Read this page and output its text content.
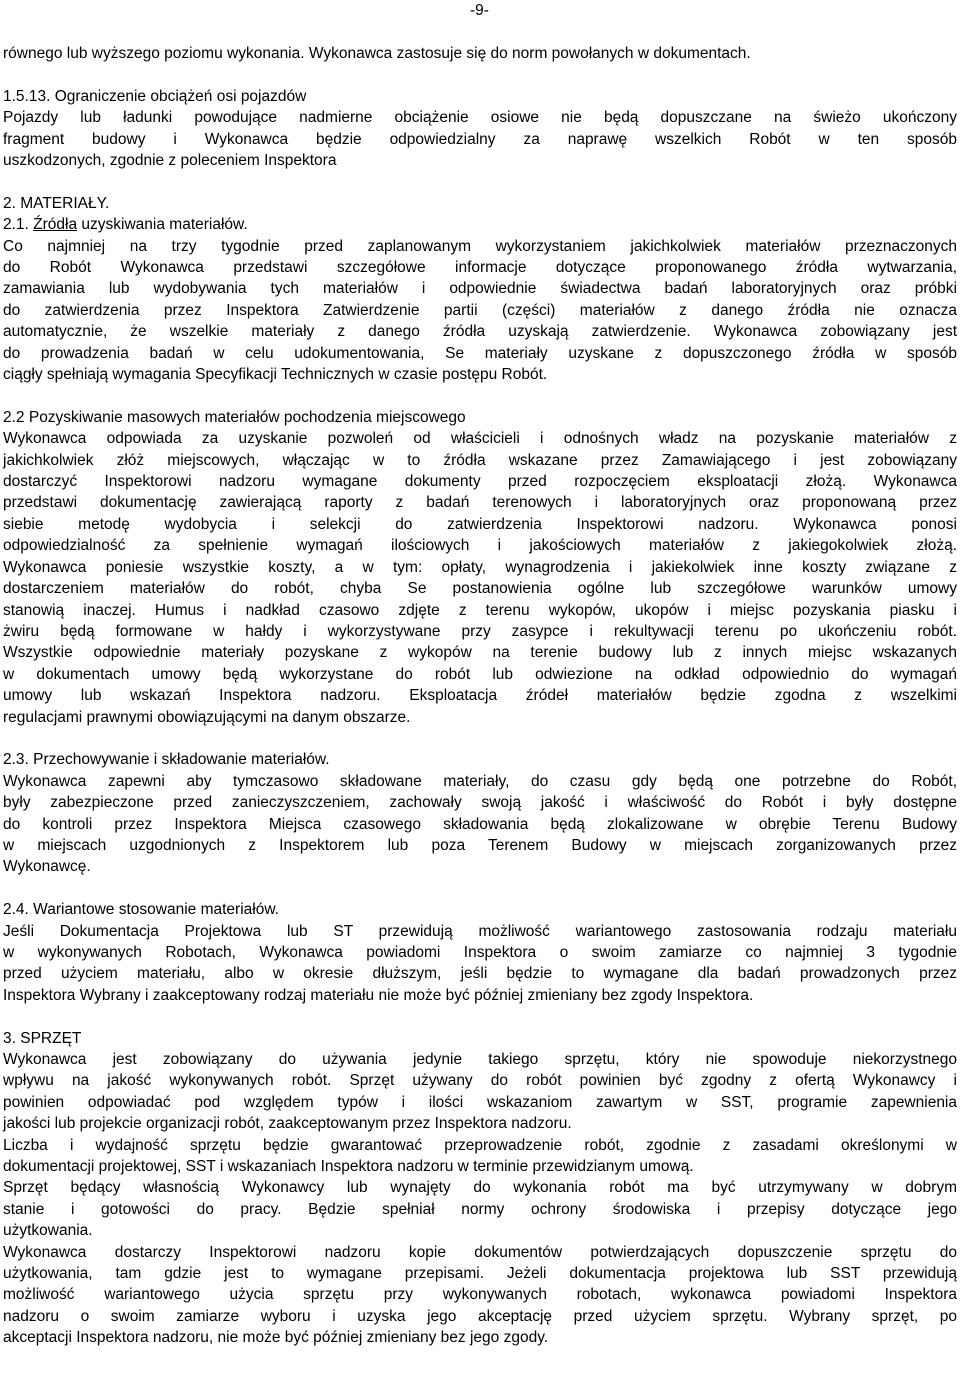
-9-
równego lub wyższego poziomu wykonania. Wykonawca zastosuje się do norm powołanych w dokumentach.
1.5.13. Ograniczenie obciążeń osi pojazdów
Pojazdy lub ładunki powodujące nadmierne obciążenie osiowe nie będą dopuszczane na świeżo ukończony
fragment budowy i Wykonawca będzie odpowiedzialny za naprawę wszelkich Robót w ten sposób
uszkodzonych, zgodnie z poleceniem Inspektora
2. MATERIAŁY.
2.1. Źródła uzyskiwania materiałów.
Co najmniej na trzy tygodnie przed zaplanowanym wykorzystaniem jakichkolwiek materiałów przeznaczonych
do Robót Wykonawca przedstawi szczegółowe informacje dotyczące proponowanego źródła wytwarzania,
zamawiania lub wydobywania tych materiałów i odpowiednie świadectwa badań laboratoryjnych oraz próbki
do zatwierdzenia przez Inspektora Zatwierdzenie partii (części) materiałów z danego źródła nie oznacza
automatycznie, że wszelkie materiały z danego źródła uzyskają zatwierdzenie. Wykonawca zobowiązany jest
do prowadzenia badań w celu udokumentowania, Se materiały uzyskane z dopuszczonego źródła w sposób
ciągły spełniają wymagania Specyfikacji Technicznych w czasie postępu Robót.
2.2 Pozyskiwanie masowych materiałów pochodzenia miejscowego
Wykonawca odpowiada za uzyskanie pozwoleń od właścicieli i odnośnych władz na pozyskanie materiałów z
jakichkolwiek złóż miejscowych, włączając w to źródła wskazane przez Zamawiającego i jest zobowiązany
dostarczyć Inspektorowi nadzoru wymagane dokumenty przed rozpoczęciem eksploatacji złożą. Wykonawca
przedstawi dokumentację zawierającą raporty z badań terenowych i laboratoryjnych oraz proponowaną przez
siebie metodę wydobycia i selekcji do zatwierdzenia Inspektorowi nadzoru. Wykonawca ponosi
odpowiedzialność za spełnienie wymagań ilościowych i jakościowych materiałów z jakiegokolwiek złożą.
Wykonawca poniesie wszystkie koszty, a w tym: opłaty, wynagrodzenia i jakiekolwiek inne koszty związane z
dostarczeniem materiałów do robót, chyba Se postanowienia ogólne lub szczegółowe warunków umowy
stanowią inaczej. Humus i nadkład czasowo zdjęte z terenu wykopów, ukopów i miejsc pozyskania piasku i
żwiru będą formowane w hałdy i wykorzystywane przy zasypce i rekultywacji terenu po ukończeniu robót.
Wszystkie odpowiednie materiały pozyskane z wykopów na terenie budowy lub z innych miejsc wskazanych
w dokumentach umowy będą wykorzystane do robót lub odwiezione na odkład odpowiednio do wymagań
umowy lub wskazań Inspektora nadzoru. Eksploatacja źródeł materiałów będzie zgodna z wszelkimi
regulacjami prawnymi obowiązującymi na danym obszarze.
2.3. Przechowywanie i składowanie materiałów.
Wykonawca zapewni aby tymczasowo składowane materiały, do czasu gdy będą one potrzebne do Robót,
były zabezpieczone przed zanieczyszczeniem, zachowały swoją jakość i właściwość do Robót i były dostępne
do kontroli przez Inspektora Miejsca czasowego składowania będą zlokalizowane w obrębie Terenu Budowy
w miejscach uzgodnionych z Inspektorem lub poza Terenem Budowy w miejscach zorganizowanych przez
Wykonawcę.
2.4. Wariantowe stosowanie materiałów.
Jeśli Dokumentacja Projektowa lub ST przewidują możliwość wariantowego zastosowania rodzaju materiału
w wykonywanych Robotach, Wykonawca powiadomi Inspektora o swoim zamiarze co najmniej 3 tygodnie
przed użyciem materiału, albo w okresie dłuższym, jeśli będzie to wymagane dla badań prowadzonych przez
Inspektora Wybrany i zaakceptowany rodzaj materiału nie może być później zmieniany bez zgody Inspektora.
3. SPRZĘT
Wykonawca jest zobowiązany do używania jedynie takiego sprzętu, który nie spowoduje niekorzystnego
wpływu na jakość wykonywanych robót. Sprzęt używany do robót powinien być zgodny z ofertą Wykonawcy i
powinien odpowiadać pod względem typów i ilości wskazaniom zawartym w SST, programie zapewnienia
jakości lub projekcie organizacji robót, zaakceptowanym przez Inspektora nadzoru.
Liczba i wydajność sprzętu będzie gwarantować przeprowadzenie robót, zgodnie z zasadami określonymi w
dokumentacji projektowej, SST i wskazaniach Inspektora nadzoru w terminie przewidzianym umową.
Sprzęt będący własnością Wykonawcy lub wynajęty do wykonania robót ma być utrzymywany w dobrym
stanie i gotowości do pracy. Będzie spełniał normy ochrony środowiska i przepisy dotyczące jego
użytkowania.
Wykonawca dostarczy Inspektorowi nadzoru kopie dokumentów potwierdzających dopuszczenie sprzętu do
użytkowania, tam gdzie jest to wymagane przepisami. Jeżeli dokumentacja projektowa lub SST przewidują
możliwość wariantowego użycia sprzętu przy wykonywanych robotach, wykonawca powiadomi Inspektora
nadzoru o swoim zamiarze wyboru i uzyska jego akceptację przed użyciem sprzętu. Wybrany sprzęt, po
akceptacji Inspektora nadzoru, nie może być później zmieniany bez jego zgody.
